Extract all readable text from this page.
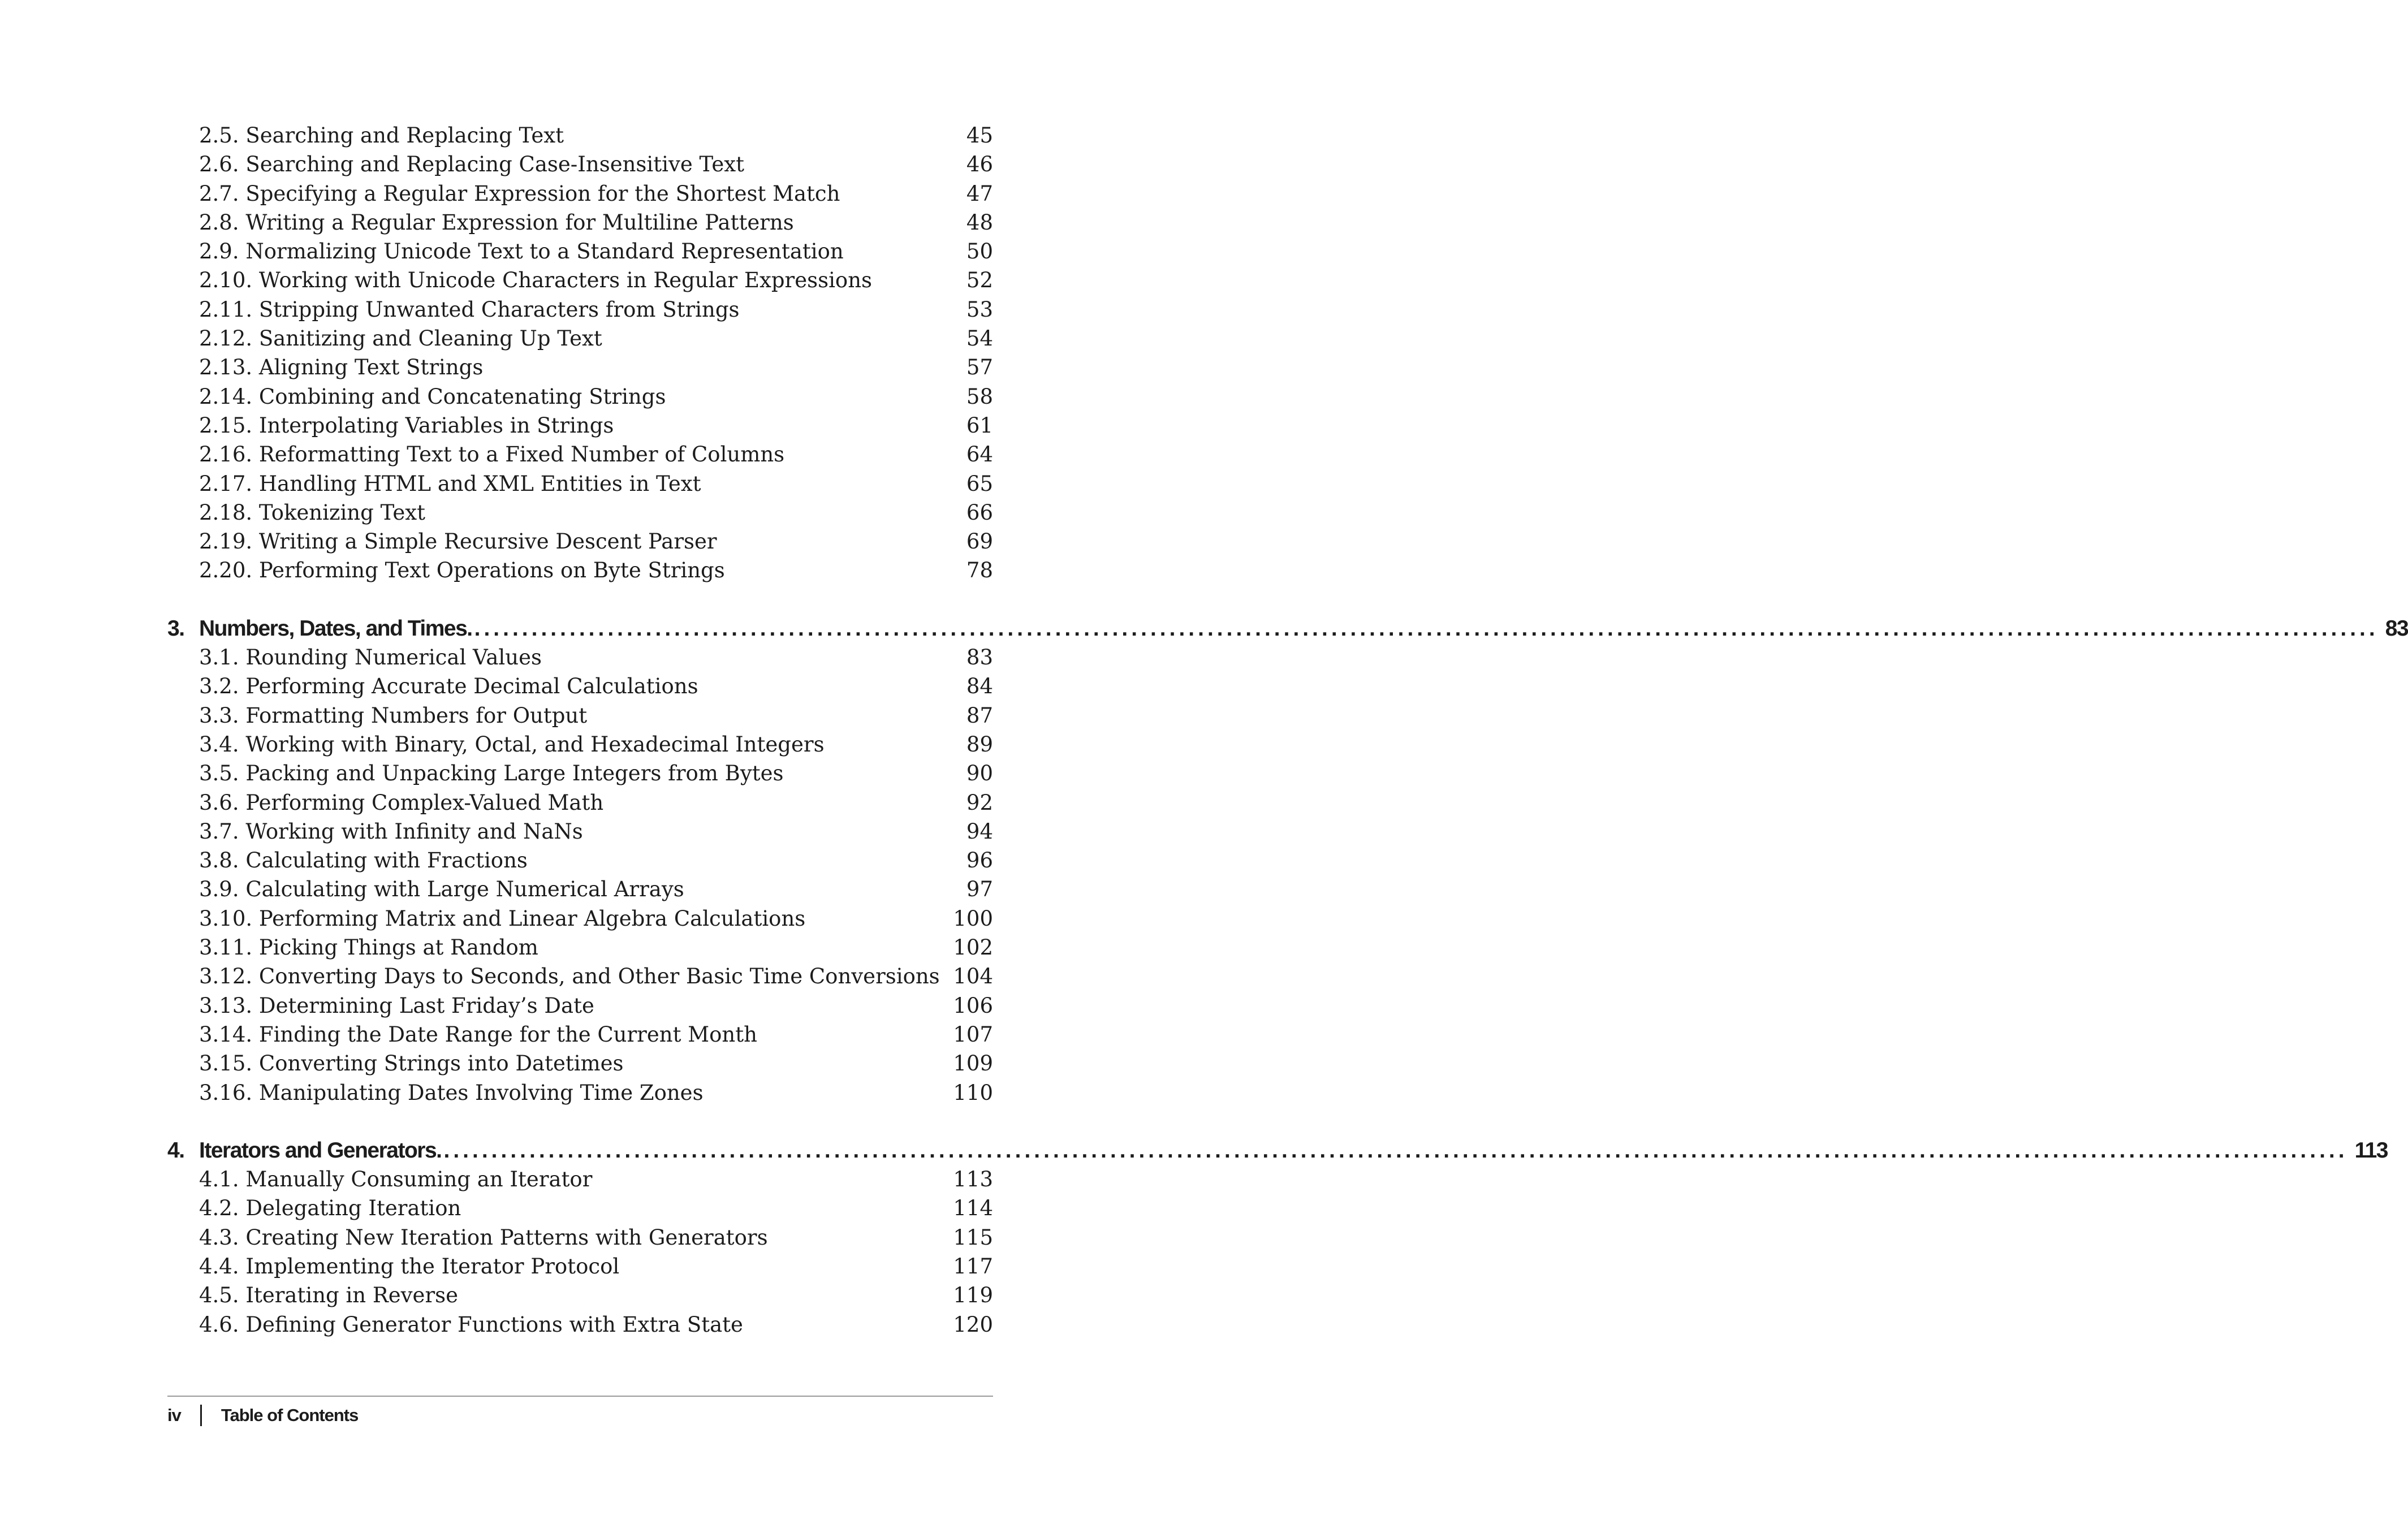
2.5. Searching and Replacing Text	45
2.6. Searching and Replacing Case-Insensitive Text	46
2.7. Specifying a Regular Expression for the Shortest Match	47
2.8. Writing a Regular Expression for Multiline Patterns	48
2.9. Normalizing Unicode Text to a Standard Representation	50
2.10. Working with Unicode Characters in Regular Expressions	52
2.11. Stripping Unwanted Characters from Strings	53
2.12. Sanitizing and Cleaning Up Text	54
2.13. Aligning Text Strings	57
2.14. Combining and Concatenating Strings	58
2.15. Interpolating Variables in Strings	61
2.16. Reformatting Text to a Fixed Number of Columns	64
2.17. Handling HTML and XML Entities in Text	65
2.18. Tokenizing Text	66
2.19. Writing a Simple Recursive Descent Parser	69
2.20. Performing Text Operations on Byte Strings	78
3. Numbers, Dates, and Times. ........................................................................................................................................................................................................ 83
3.1. Rounding Numerical Values	83
3.2. Performing Accurate Decimal Calculations	84
3.3. Formatting Numbers for Output	87
3.4. Working with Binary, Octal, and Hexadecimal Integers	89
3.5. Packing and Unpacking Large Integers from Bytes	90
3.6. Performing Complex-Valued Math	92
3.7. Working with Infinity and NaNs	94
3.8. Calculating with Fractions	96
3.9. Calculating with Large Numerical Arrays	97
3.10. Performing Matrix and Linear Algebra Calculations	100
3.11. Picking Things at Random	102
3.12. Converting Days to Seconds, and Other Basic Time Conversions 104
3.13. Determining Last Friday’s Date	106
3.14. Finding the Date Range for the Current Month	107
3.15. Converting Strings into Datetimes	109
3.16. Manipulating Dates Involving Time Zones	110
4. Iterators and Generators. ........................................................................................................................................................................................................ 113
4.1. Manually Consuming an Iterator	113
4.2. Delegating Iteration	114
4.3. Creating New Iteration Patterns with Generators	115
4.4. Implementing the Iterator Protocol	117
4.5. Iterating in Reverse	119
4.6. Defining Generator Functions with Extra State	120
iv Table of Contents
